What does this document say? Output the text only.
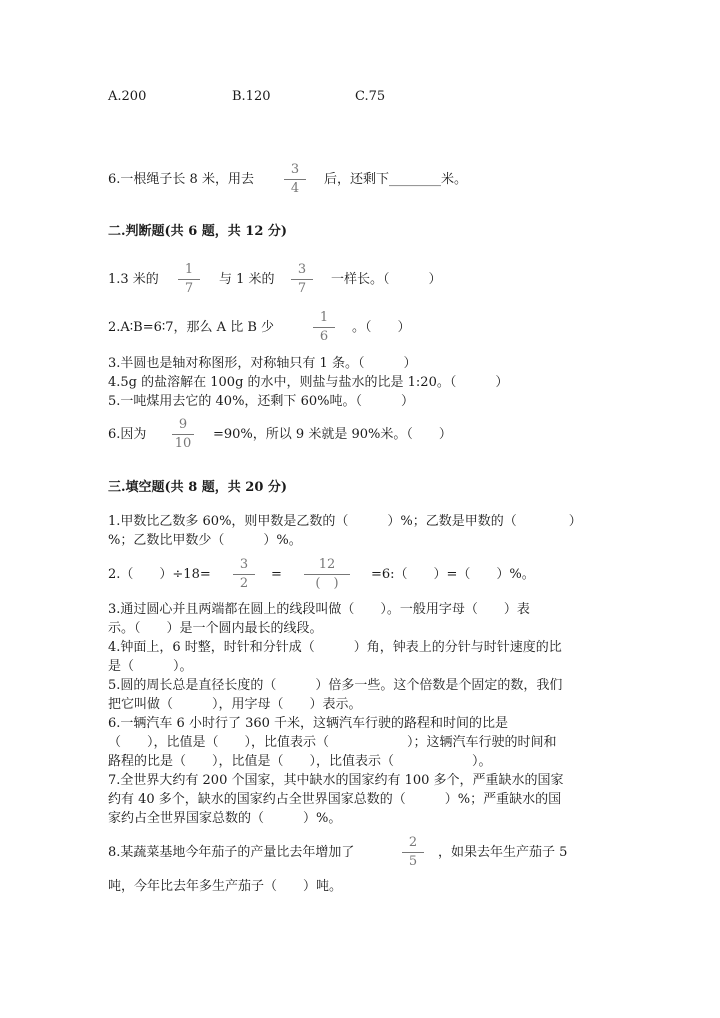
A.200	B.120	C.75
6.一根绳子长 8 米，用去
3
4
后，还剩下________米。
二.判断题(共 6 题，共 12 分)
1.3 米的
1
7
与 1 米的
3
7
一样长。（　　　）
2.A∶B=6∶7，那么 A 比 B 少
1
6
。（　　）
3.半圆也是轴对称图形，对称轴只有 1 条。（　　　）
4.5g 的盐溶解在 100g 的水中，则盐与盐水的比是 1:20。（　　　）
5.一吨煤用去它的 40%，还剩下 60%吨。（　　　）
6.因为
9
10
=90%，所以 9 米就是 90%米。（　　）
三.填空题(共 8 题，共 20 分)
1.甲数比乙数多 60%，则甲数是乙数的（　　　）%；乙数是甲数的（　　　　）
%；乙数比甲数少（　　　）%。
2.（　　）÷18=
3
2
=
12
(　)
=6:（　　）=（　　）%。
3.通过圆心并且两端都在圆上的线段叫做（　　）。一般用字母（　　）表
示。（　　）是一个圆内最长的线段。
4.钟面上，6 时整，时针和分针成（　　　）角，钟表上的分针与时针速度的比
是（　　　）。
5.圆的周长总是直径长度的（　　　）倍多一些。这个倍数是个固定的数，我们
把它叫做（　　　），用字母（　　）表示。
6.一辆汽车 6 小时行了 360 千米，这辆汽车行驶的路程和时间的比是
（　　），比值是（　　），比值表示（　　　　　　）；这辆汽车行驶的时间和
路程的比是（　　），比值是（　　），比值表示（　　　　　　）。
7.全世界大约有 200 个国家，其中缺水的国家约有 100 多个，严重缺水的国家
约有 40 多个，缺水的国家约占全世界国家总数的（　　　）%；严重缺水的国
家约占全世界国家总数的（　　　）%。
8.某蔬菜基地今年茄子的产量比去年增加了
2
5
，如果去年生产茄子 5
吨，今年比去年多生产茄子（　　）吨。
